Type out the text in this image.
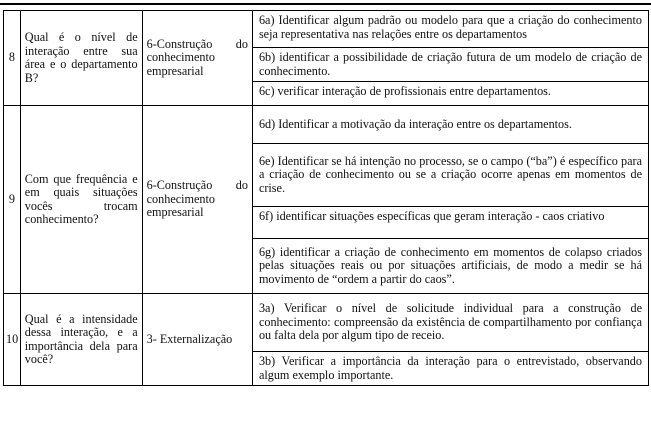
8	Qual é o nível de interação entre sua área e o departamento B?	6-Construção do conhecimento empresarial	6a) Identificar algum padrão ou modelo para que a criação do conhecimento seja representativa nas relações entre os departamentos
			6b) identificar a possibilidade de criação futura de um modelo de criação de conhecimento.
			6c) verificar interação de profissionais entre departamentos.
9	Com que frequência e em quais situações vocês trocam conhecimento?	6-Construção do conhecimento empresarial	6d) Identificar a motivação da interação entre os departamentos.
			6e) Identificar se há intenção no processo, se o campo (“ba”) é específico para a criação de conhecimento ou se a criação ocorre apenas em momentos de crise.
			6f) identificar situações específicas que geram interação - caos criativo
			6g) identificar a criação de conhecimento em momentos de colapso criados pelas situações reais ou por situações artificiais, de modo a medir se há movimento de “ordem a partir do caos”.
10	Qual é a intensidade dessa interação, e a importância dela para você?	3- Externalização	3a) Verificar o nível de solicitude individual para a construção de conhecimento: compreensão da existência de compartilhamento por confiança ou falta dela por algum tipo de receio.
			3b) Verificar a importância da interação para o entrevistado, observando algum exemplo importante.
